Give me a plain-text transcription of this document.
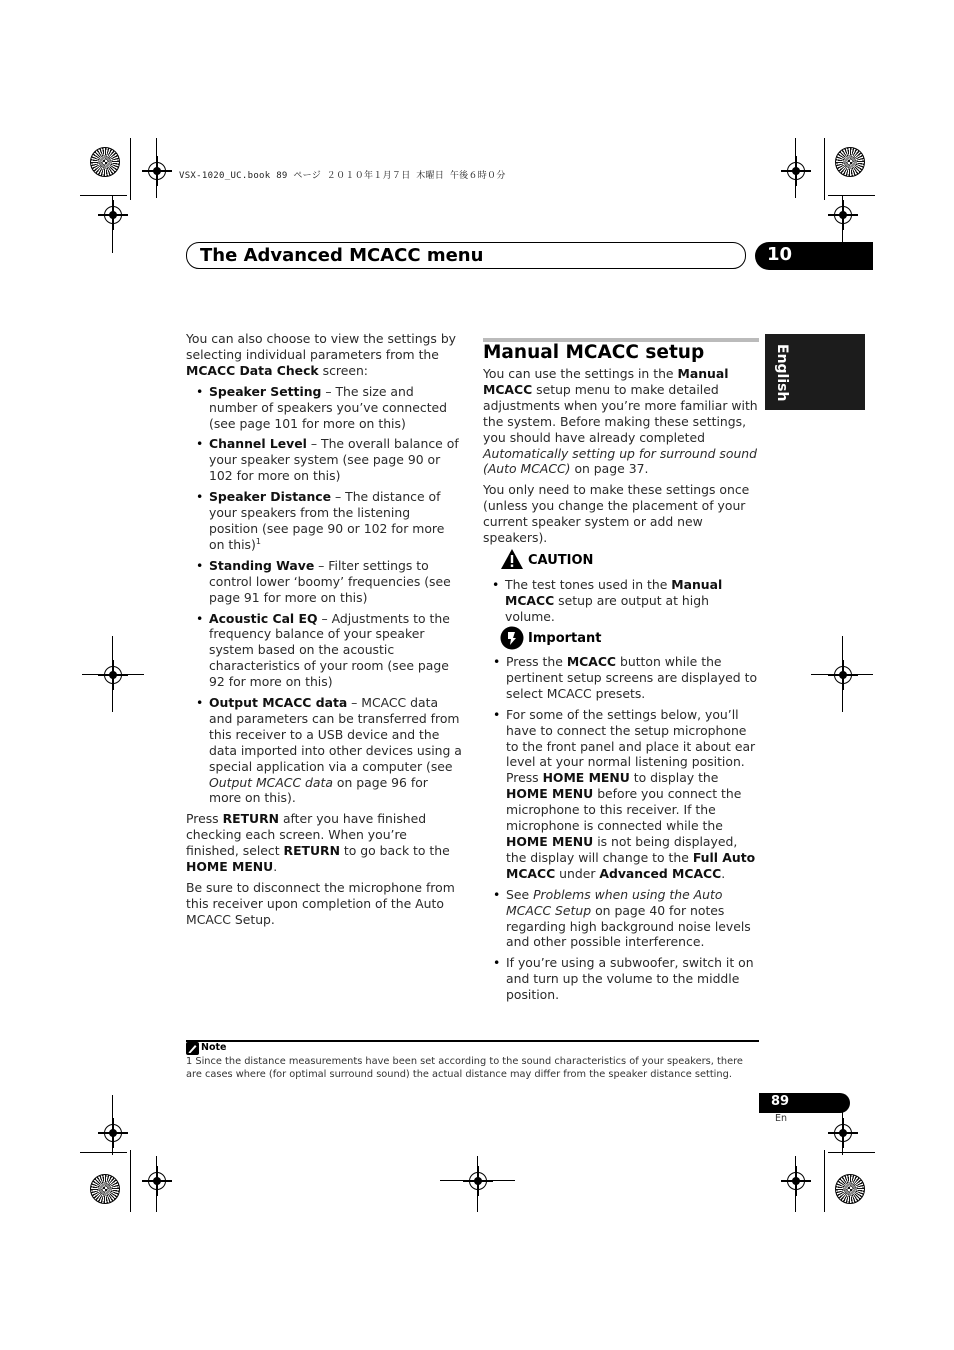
VSX-1020_UC.book 89 ページ ２０１０年１月７日 木曜日 午後６時０分
The Advanced MCACC menu	10
English

You can also choose to view the settings by selecting individual parameters from the MCACC Data Check screen:

• Speaker Setting – The size and number of speakers you’ve connected (see page 101 for more on this)
• Channel Level – The overall balance of your speaker system (see page 90 or 102 for more on this)
• Speaker Distance – The distance of your speakers from the listening position (see page 90 or 102 for more on this)$^1$
• Standing Wave – Filter settings to control lower ‘boomy’ frequencies (see page 91 for more on this)
• Acoustic Cal EQ – Adjustments to the frequency balance of your speaker system based on the acoustic characteristics of your room (see page 92 for more on this)
• Output MCACC data – MCACC data and parameters can be transferred from this receiver to a USB device and the data imported into other devices using a special application via a computer (see Output MCACC data on page 96 for more on this).

Press RETURN after you have finished checking each screen. When you’re finished, select RETURN to go back to the HOME MENU.

Be sure to disconnect the microphone from this receiver upon completion of the Auto MCACC Setup.

Manual MCACC setup

You can use the settings in the Manual MCACC setup menu to make detailed adjustments when you’re more familiar with the system. Before making these settings, you should have already completed Automatically setting up for surround sound (Auto MCACC) on page 37.

You only need to make these settings once (unless you change the placement of your current speaker system or add new speakers).

CAUTION
• The test tones used in the Manual MCACC setup are output at high volume.
Important
• Press the MCACC button while the pertinent setup screens are displayed to select MCACC presets.
• For some of the settings below, you’ll have to connect the setup microphone to the front panel and place it about ear level at your normal listening position. Press HOME MENU to display the HOME MENU before you connect the microphone to this receiver. If the microphone is connected while the HOME MENU is not being displayed, the display will change to the Full Auto MCACC under Advanced MCACC.
• See Problems when using the Auto MCACC Setup on page 40 for notes regarding high background noise levels and other possible interference.
• If you’re using a subwoofer, switch it on and turn up the volume to the middle position.
Note
1 Since the distance measurements have been set according to the sound characteristics of your speakers, there are cases where (for optimal surround sound) the actual distance may differ from the speaker distance setting.
89
En
